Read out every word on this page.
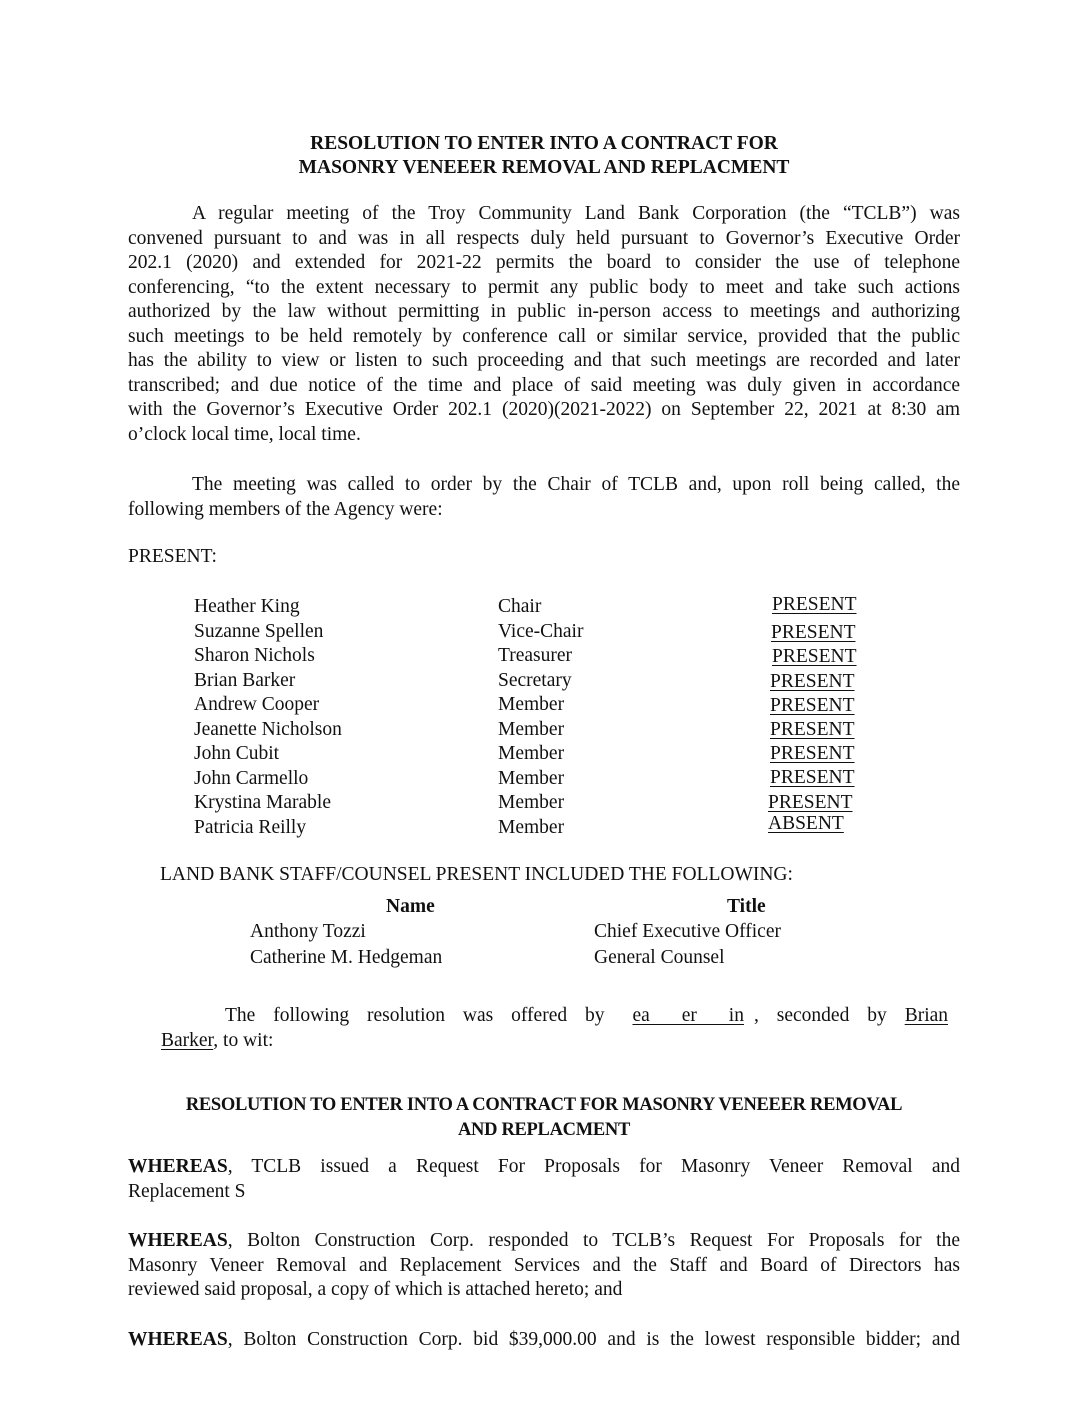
RESOLUTION TO ENTER INTO A CONTRACT FOR
MASONRY VENEEER REMOVAL AND REPLACMENT
A regular meeting of the Troy Community Land Bank Corporation (the “TCLB”) was
convened pursuant to and was in all respects duly held pursuant to Governor’s Executive Order
202.1 (2020) and extended for 2021-22 permits the board to consider the use of telephone
conferencing, “to the extent necessary to permit any public body to meet and take such actions
authorized by the law without permitting in public in-person access to meetings and authorizing
such meetings to be held remotely by conference call or similar service, provided that the public
has the ability to view or listen to such proceeding and that such meetings are recorded and later
transcribed; and due notice of the time and place of said meeting was duly given in accordance
with the Governor’s Executive Order 202.1 (2020)(2021-2022) on September 22, 2021 at 8:30 am
o’clock local time, local time.
The meeting was called to order by the Chair of TCLB and, upon roll being called, the
following members of the Agency were:
PRESENT:
Heather King	Chair	PRESENT
Suzanne Spellen	Vice-Chair	PRESENT
Sharon Nichols	Treasurer	PRESENT
Brian Barker	Secretary	PRESENT
Andrew Cooper	Member	PRESENT
Jeanette Nicholson	Member	PRESENT
John Cubit	Member	PRESENT
John Carmello	Member	PRESENT
Krystina Marable	Member	PRESENT
Patricia Reilly	Member	ABSENT
LAND BANK STAFF/COUNSEL PRESENT INCLUDED THE FOLLOWING:
Name	Title
Anthony Tozzi	Chief Executive Officer
Catherine M. Hedgeman	General Counsel
The following resolution was offered by ea er in , seconded by Brian
Barker, to wit:
RESOLUTION TO ENTER INTO A CONTRACT FOR MASONRY VENEEER REMOVAL
AND REPLACMENT
WHEREAS, TCLB issued a Request For Proposals for Masonry Veneer Removal and
Replacement S
WHEREAS, Bolton Construction Corp. responded to TCLB’s Request For Proposals for the
Masonry Veneer Removal and Replacement Services and the Staff and Board of Directors has
reviewed said proposal, a copy of which is attached hereto; and
WHEREAS, Bolton Construction Corp. bid $39,000.00 and is the lowest responsible bidder; and
